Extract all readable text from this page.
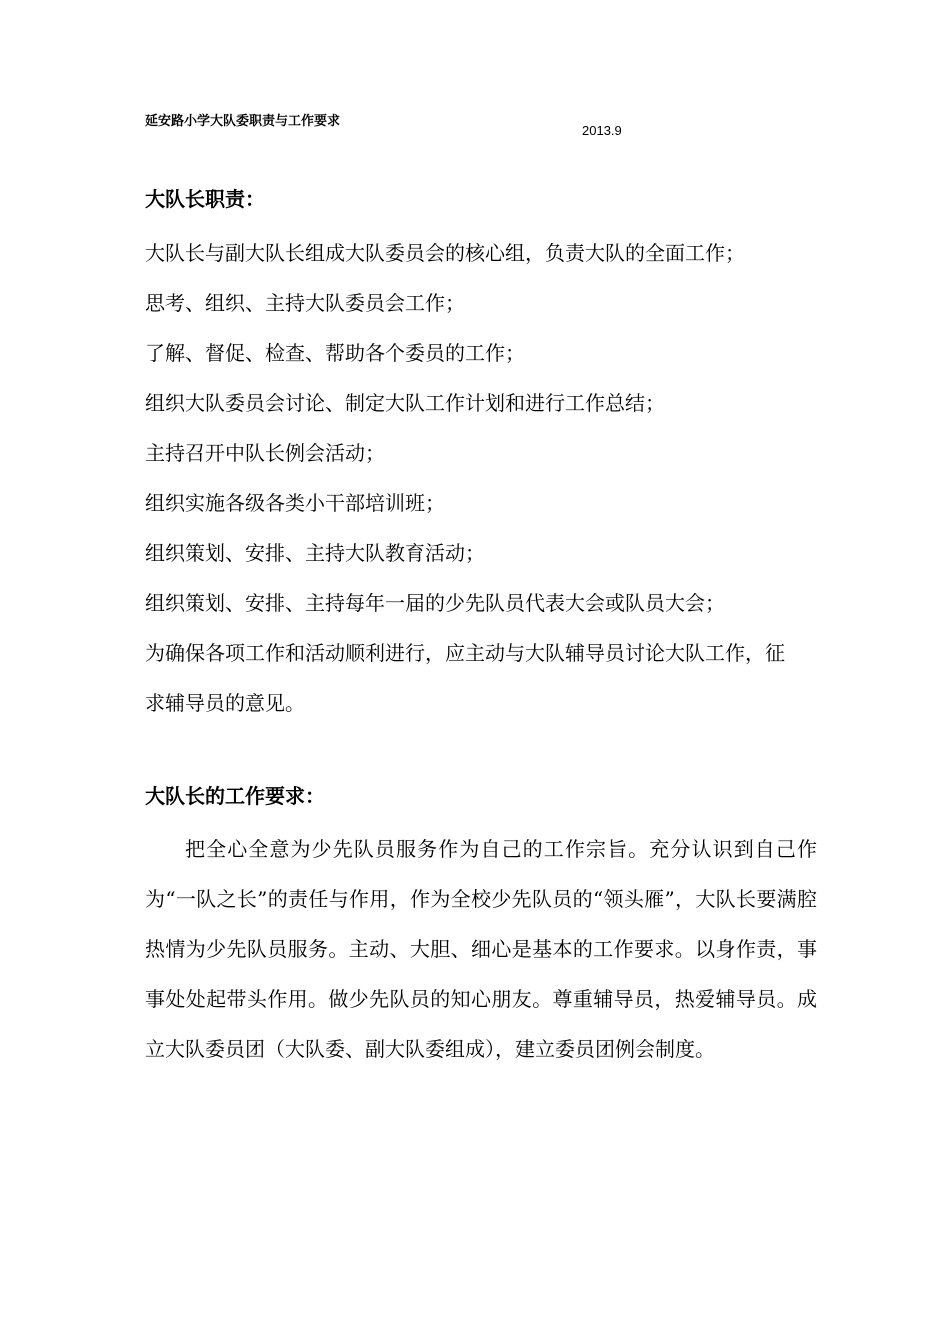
延安路小学大队委职责与工作要求
2013.9
大队长职责：
大队长与副大队长组成大队委员会的核心组，负责大队的全面工作；
思考、组织、主持大队委员会工作；
了解、督促、检查、帮助各个委员的工作；
组织大队委员会讨论、制定大队工作计划和进行工作总结；
主持召开中队长例会活动；
组织实施各级各类小干部培训班；
组织策划、安排、主持大队教育活动；
组织策划、安排、主持每年一届的少先队员代表大会或队员大会；
为确保各项工作和活动顺利进行，应主动与大队辅导员讨论大队工作，征求辅导员的意见。
大队长的工作要求：

把全心全意为少先队员服务作为自己的工作宗旨。充分认识到自己作为“一队之长”的责任与作用，作为全校少先队员的“领头雁”，大队长要满腔热情为少先队员服务。主动、大胆、细心是基本的工作要求。以身作责，事事处处起带头作用。做少先队员的知心朋友。尊重辅导员，热爱辅导员。成立大队委员团（大队委、副大队委组成），建立委员团例会制度。
